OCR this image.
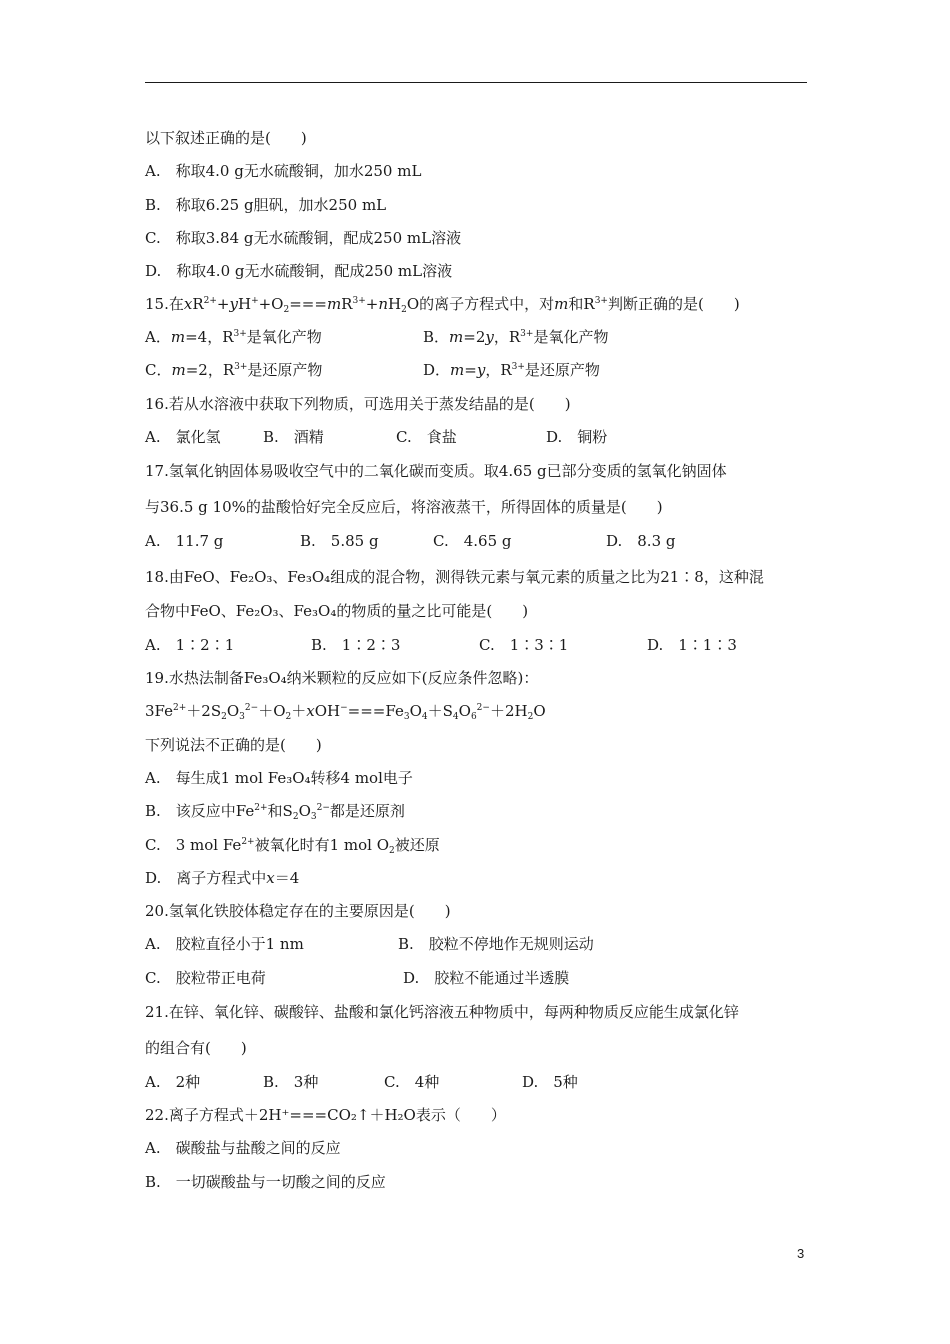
以下叙述正确的是(　　)
A.　称取4.0 g无水硫酸铜，加水250 mL
B.　称取6.25 g胆矾，加水250 mL
C.　称取3.84 g无水硫酸铜，配成250 mL溶液
D.　称取4.0 g无水硫酸铜，配成250 mL溶液
15.在$xR^{2+}+yH^++O_2===mR^{3+}+nH_2O$的离子方程式中，对m和$R^{3+}$判断正确的是(　　)
A．m=4，$R^{3+}$是氧化产物	B．m=2y，$R^{3+}$是氧化产物
C．m=2，$R^{3+}$是还原产物	D．m=y，$R^{3+}$是还原产物
16.若从水溶液中获取下列物质，可选用关于蒸发结晶的是(　　)
A.　氯化氢	B.　酒精	C.　食盐	D.　铜粉
17.氢氧化钠固体易吸收空气中的二氧化碳而变质。取4.65 g已部分变质的氢氧化钠固体
与36.5 g 10%的盐酸恰好完全反应后，将溶液蒸干，所得固体的质量是(　　)
A.　11.7 g	B.　5.85 g	C.　4.65 g	D.　8.3 g
18.由FeO、Fe₂O₃、Fe₃O₄组成的混合物，测得铁元素与氧元素的质量之比为21∶8，这种混
合物中FeO、Fe₂O₃、Fe₃O₄的物质的量之比可能是(　　)
A.　1∶2∶1	B.　1∶2∶3	C.　1∶3∶1	D.　1∶1∶3
19.水热法制备Fe₃O₄纳米颗粒的反应如下(反应条件忽略)：
$3Fe^{2+}+2S_2O_3^{2-}+O_2+xOH^-===Fe_3O_4+S_4O_6^{2-}+2H_2O$
下列说法不正确的是(　　)
A.　每生成1 mol Fe₃O₄转移4 mol电子
B.　该反应中$Fe^{2+}$和$S_2O_3^{2-}$都是还原剂
C.　3 mol $Fe^{2+}$被氧化时有1 mol $O_2$被还原
D.　离子方程式中x＝4
20.氢氧化铁胶体稳定存在的主要原因是(　　)
A.　胶粒直径小于1 nm	B.　胶粒不停地作无规则运动
C.　胶粒带正电荷	D.　胶粒不能通过半透膜
21.在锌、氧化锌、碳酸锌、盐酸和氯化钙溶液五种物质中，每两种物质反应能生成氯化锌
的组合有(　　)
A.　2种	B.　3种	C.　4种	D.　5种
22.离子方程式＋2H⁺===CO₂↑＋H₂O表示（　　）
A.　碳酸盐与盐酸之间的反应
B.　一切碳酸盐与一切酸之间的反应
3
